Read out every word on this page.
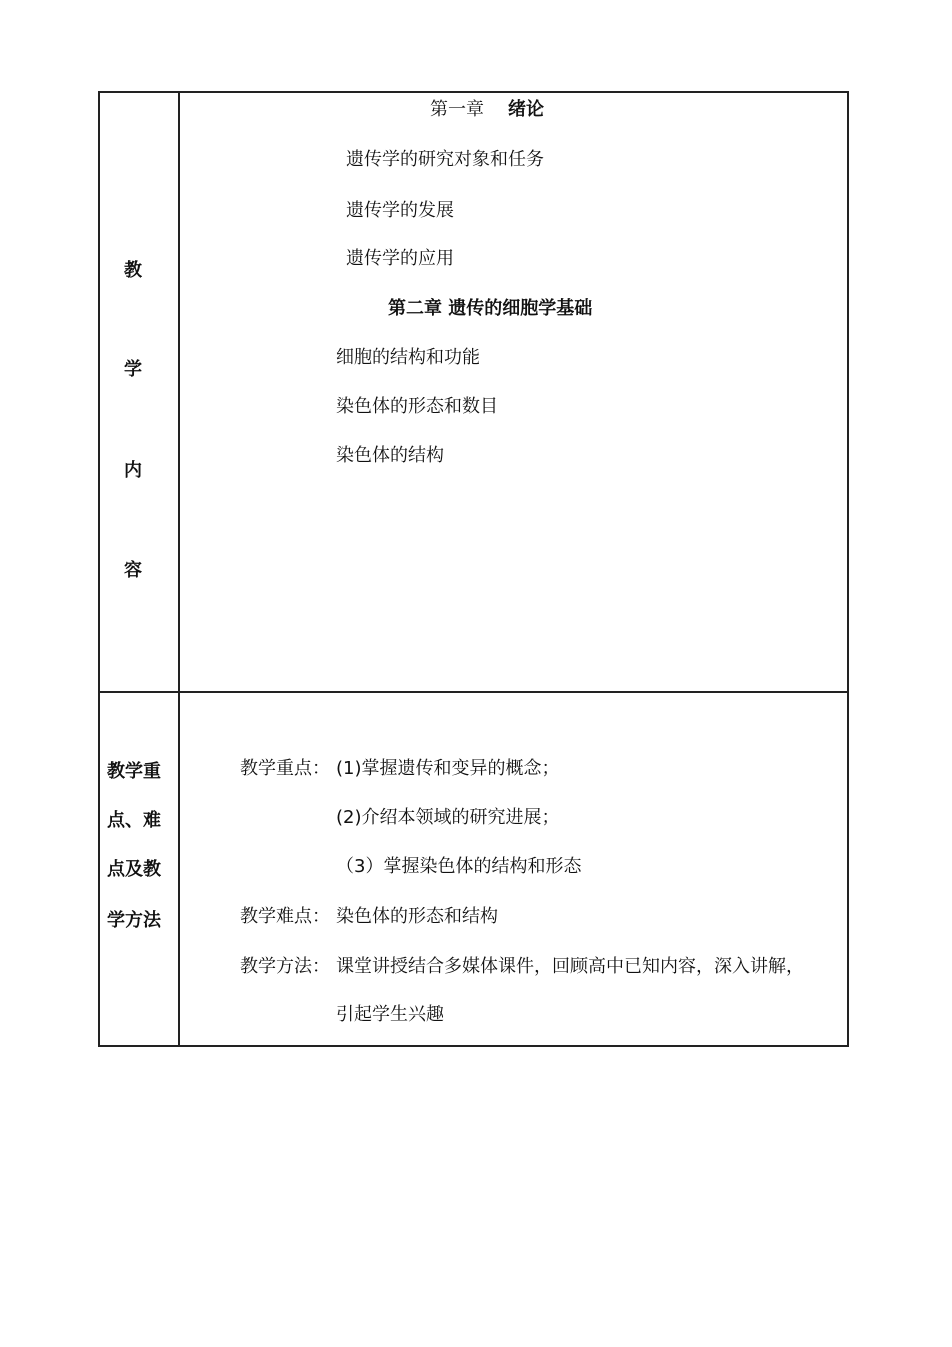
教
学
内
容
第一章 绪论
遗传学的研究对象和任务
遗传学的发展
遗传学的应用
第二章 遗传的细胞学基础
细胞的结构和功能
染色体的形态和数目
染色体的结构
教学重
点、难
点及教
学方法
教学重点： (1)掌握遗传和变异的概念；
(2)介绍本领域的研究进展；
（3）掌握染色体的结构和形态
教学难点： 染色体的形态和结构
教学方法： 课堂讲授结合多媒体课件，回顾高中已知内容，深入讲解，
引起学生兴趣
